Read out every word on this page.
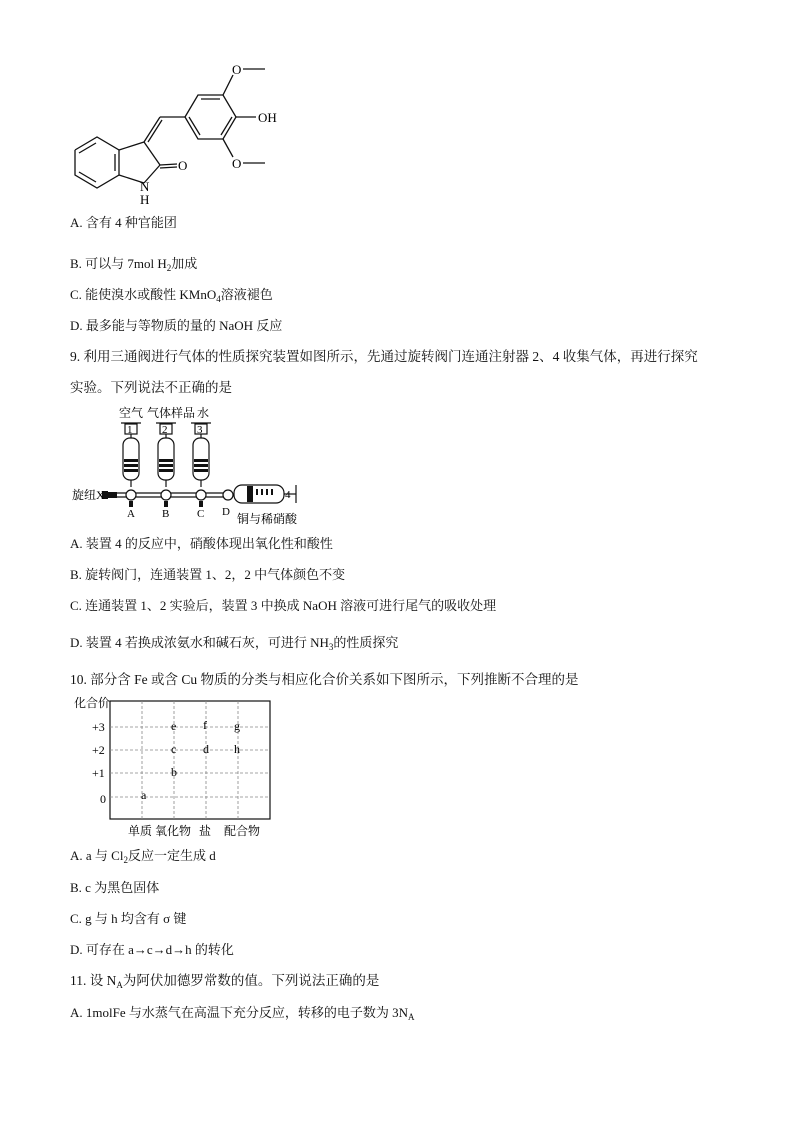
O
OH
O
O
N
H
A. 含有 4 种官能团
B. 可以与 7mol $H_2$加成
C. 能使溴水或酸性 KMnO$_4$溶液褪色
D. 最多能与等物质的量的 NaOH 反应
9. 利用三通阀进行气体的性质探究装置如图所示，先通过旋转阀门连通注射器 2、4 收集气体，再进行探究
实验。下列说法不正确的是
空气 气体样品 水
1	2	3
4
旋纽X
A B	C D 铜与稀硝酸
A. 装置 4 的反应中，硝酸体现出氧化性和酸性
B. 旋转阀门，连通装置 1、2，2 中气体颜色不变
C. 连通装置 1、2 实验后，装置 3 中换成 NaOH 溶液可进行尾气的吸收处理
D. 装置 4 若换成浓氨水和碱石灰，可进行 $NH_3$的性质探究
10. 部分含 Fe 或含 Cu 物质的分类与相应化合价关系如下图所示，下列推断不合理的是
化合价
+3
+2
+1
0
e f g
c d h
b
a
单质 氧化物 盐 配合物
A. a 与 $Cl_2$反应一定生成 d
B. c 为黑色固体
C. g 与 h 均含有 σ 键
D. 可存在 a→c→d→h 的转化
11. 设 $N_A$为阿伏加德罗常数的值。下列说法正确的是
A. 1molFe 与水蒸气在高温下充分反应，转移的电子数为 $3N_A$
